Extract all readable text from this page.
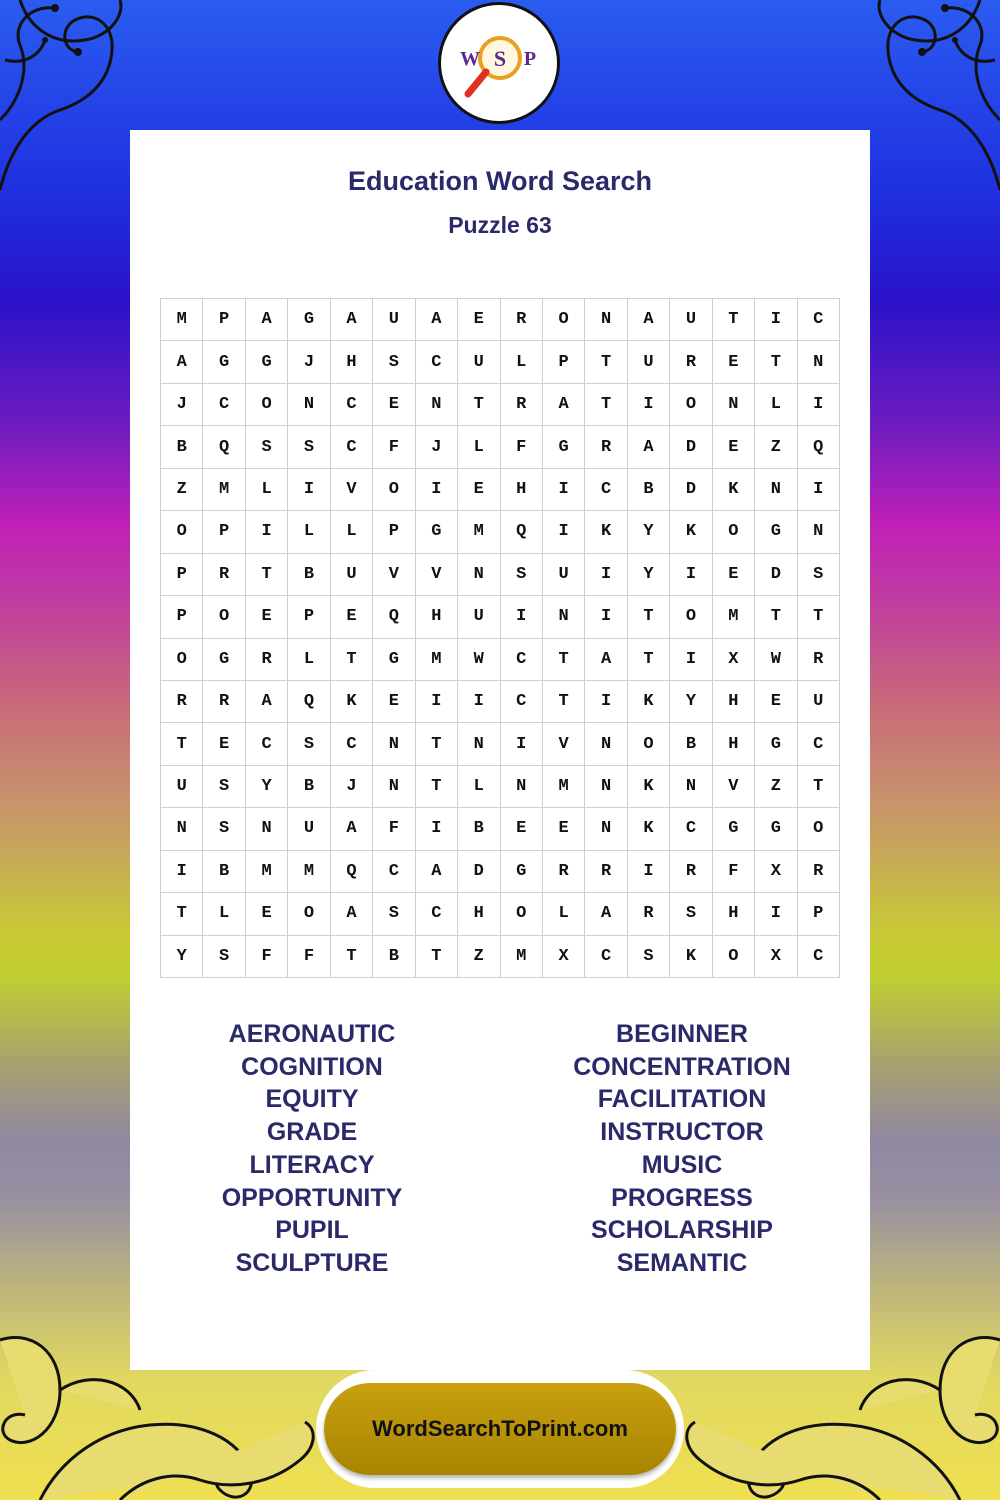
W S P
Education Word Search
Puzzle 63
M	P	A	G	A	U	A	E	R	O	N	A	U	T	I	C
A	G	G	J	H	S	C	U	L	P	T	U	R	E	T	N
J	C	O	N	C	E	N	T	R	A	T	I	O	N	L	I
B	Q	S	S	C	F	J	L	F	G	R	A	D	E	Z	Q
Z	M	L	I	V	O	I	E	H	I	C	B	D	K	N	I
O	P	I	L	L	P	G	M	Q	I	K	Y	K	O	G	N
P	R	T	B	U	V	V	N	S	U	I	Y	I	E	D	S
P	O	E	P	E	Q	H	U	I	N	I	T	O	M	T	T
O	G	R	L	T	G	M	W	C	T	A	T	I	X	W	R
R	R	A	Q	K	E	I	I	C	T	I	K	Y	H	E	U
T	E	C	S	C	N	T	N	I	V	N	O	B	H	G	C
U	S	Y	B	J	N	T	L	N	M	N	K	N	V	Z	T
N	S	N	U	A	F	I	B	E	E	N	K	C	G	G	O
I	B	M	M	Q	C	A	D	G	R	R	I	R	F	X	R
T	L	E	O	A	S	C	H	O	L	A	R	S	H	I	P
Y	S	F	F	T	B	T	Z	M	X	C	S	K	O	X	C
AERONAUTIC
COGNITION
EQUITY
GRADE
LITERACY
OPPORTUNITY
PUPIL
SCULPTURE
BEGINNER
CONCENTRATION
FACILITATION
INSTRUCTOR
MUSIC
PROGRESS
SCHOLARSHIP
SEMANTIC
WordSearchToPrint.com
